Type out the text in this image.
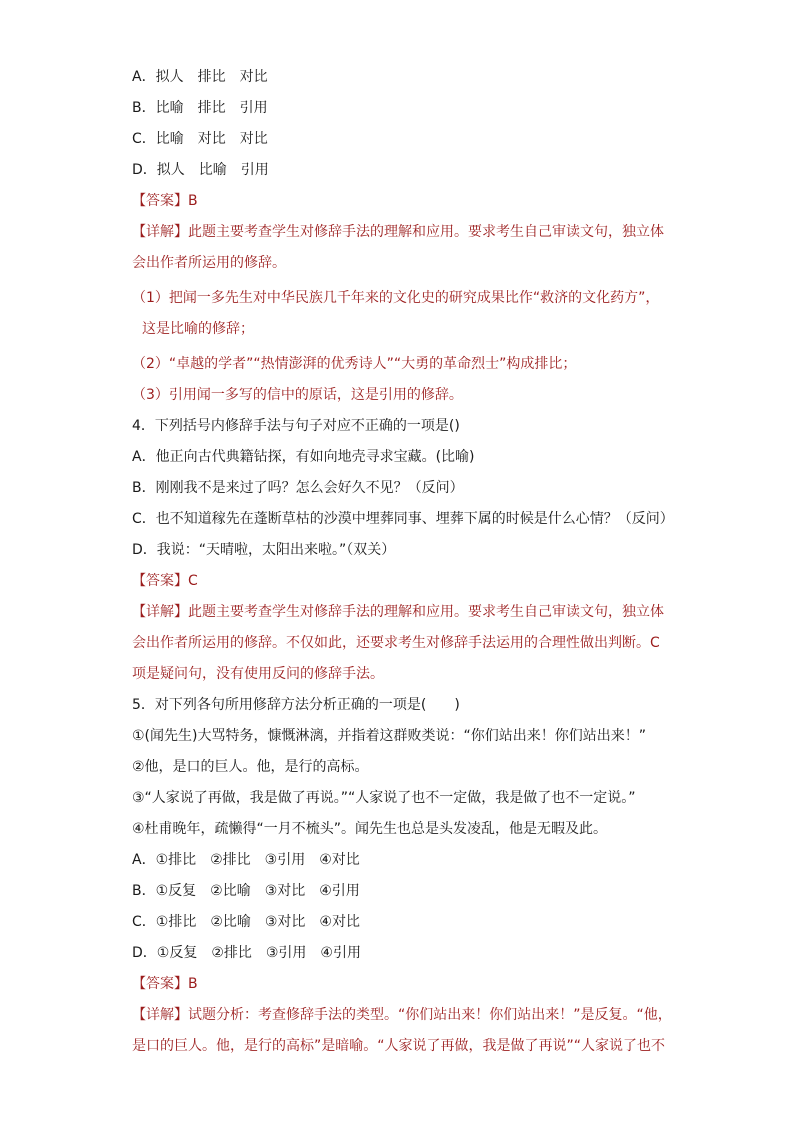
A．拟人　排比　对比
B．比喻　排比　引用
C．比喻　对比　对比
D．拟人　比喻　引用
【答案】B
【详解】此题主要考查学生对修辞手法的理解和应用。要求考生自己审读文句，独立体
会出作者所运用的修辞。
（1）把闻一多先生对中华民族几千年来的文化史的研究成果比作“救济的文化药方”，
这是比喻的修辞；
（2）“卓越的学者”“热情澎湃的优秀诗人”“大勇的革命烈士”构成排比；
（3）引用闻一多写的信中的原话，这是引用的修辞。
4．下列括号内修辞手法与句子对应不正确的一项是()
A．他正向古代典籍钻探，有如向地壳寻求宝藏。(比喻)
B．刚刚我不是来过了吗？怎么会好久不见？（反问）
C．也不知道稼先在蓬断草枯的沙漠中埋葬同事、埋葬下属的时候是什么心情？（反问）
D．我说：“天晴啦，太阳出来啦。”（双关）
【答案】C
【详解】此题主要考查学生对修辞手法的理解和应用。要求考生自己审读文句，独立体
会出作者所运用的修辞。不仅如此，还要求考生对修辞手法运用的合理性做出判断。C
项是疑问句，没有使用反问的修辞手法。
5．对下列各句所用修辞方法分析正确的一项是(　　)
①(闻先生)大骂特务，慷慨淋漓，并指着这群败类说：“你们站出来！你们站出来！”
②他，是口的巨人。他，是行的高标。
③“人家说了再做，我是做了再说。”“人家说了也不一定做，我是做了也不一定说。”
④杜甫晚年，疏懒得“一月不梳头”。闻先生也总是头发凌乱，他是无暇及此。
A．①排比　②排比　③引用　④对比
B．①反复　②比喻　③对比　④引用
C．①排比　②比喻　③对比　④对比
D．①反复　②排比　③引用　④引用
【答案】B
【详解】试题分析：考查修辞手法的类型。“你们站出来！你们站出来！”是反复。“他，
是口的巨人。他，是行的高标”是暗喻。“人家说了再做，我是做了再说”“人家说了也不
